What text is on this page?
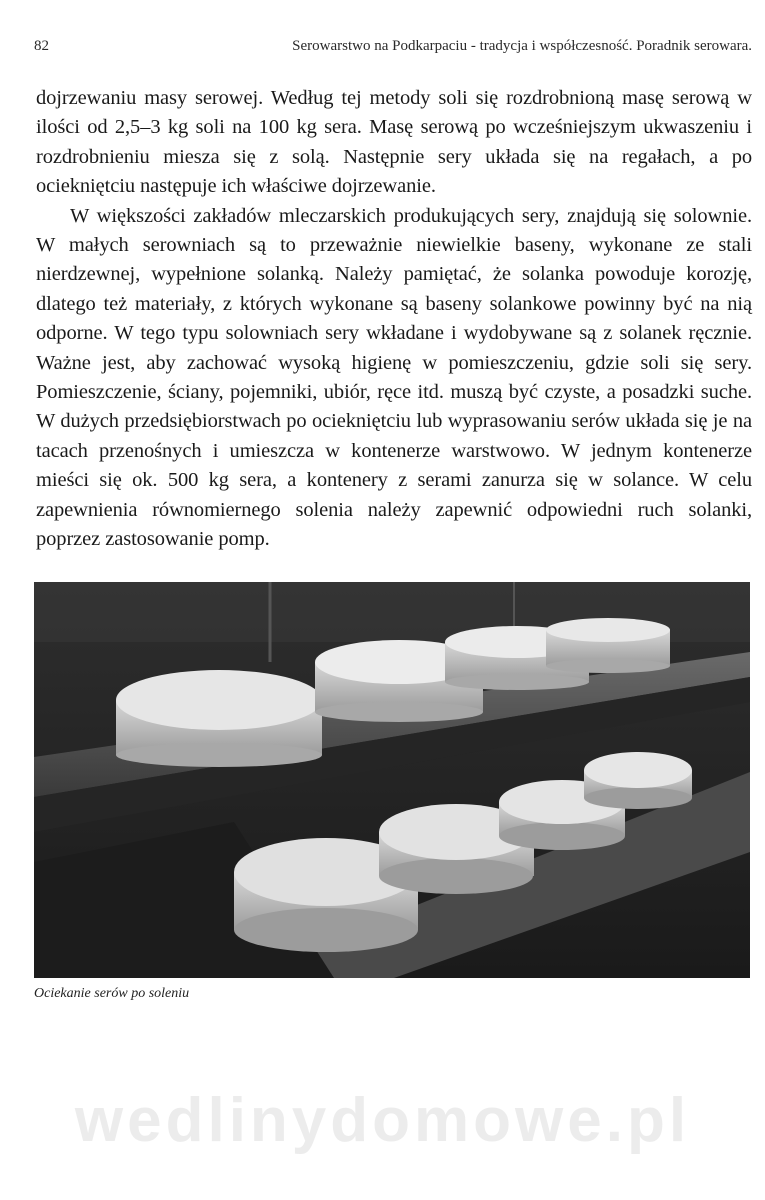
82	Serowarstwo na Podkarpaciu - tradycja i współczesność. Poradnik serowara.

dojrzewaniu masy serowej. Według tej metody soli się rozdrobnioną masę serową w ilości od 2,5–3 kg soli na 100 kg sera. Masę serową po wcześniejszym ukwaszeniu i rozdrobnieniu miesza się z solą. Następnie sery układa się na regałach, a po ociekniętciu następuje ich właściwe dojrzewanie.

W większości zakładów mleczarskich produkujących sery, znajdują się solownie. W małych serowniach są to przeważnie niewielkie baseny, wykonane ze stali nierdzewnej, wypełnione solanką. Należy pamiętać, że solanka powoduje korozję, dlatego też materiały, z których wykonane są baseny solankowe powinny być na nią odporne. W tego typu solowniach sery wkładane i wydobywane są z solanek ręcznie. Ważne jest, aby zachować wysoką higienę w pomieszczeniu, gdzie soli się sery. Pomieszczenie, ściany, pojemniki, ubiór, ręce itd. muszą być czyste, a posadzki suche. W dużych przedsiębiorstwach po ociekniętciu lub wyprasowaniu serów układa się je na tacach przenośnych i umieszcza w kontenerze warstwowo. W jednym kontenerze mieści się ok. 500 kg sera, a kontenery z serami zanurza się w solance. W celu zapewnienia równomiernego solenia należy zapewnić odpowiedni ruch solanki, poprzez zastosowanie pomp.

Ociekanie serów po soleniu
wedlinydomowe.pl
